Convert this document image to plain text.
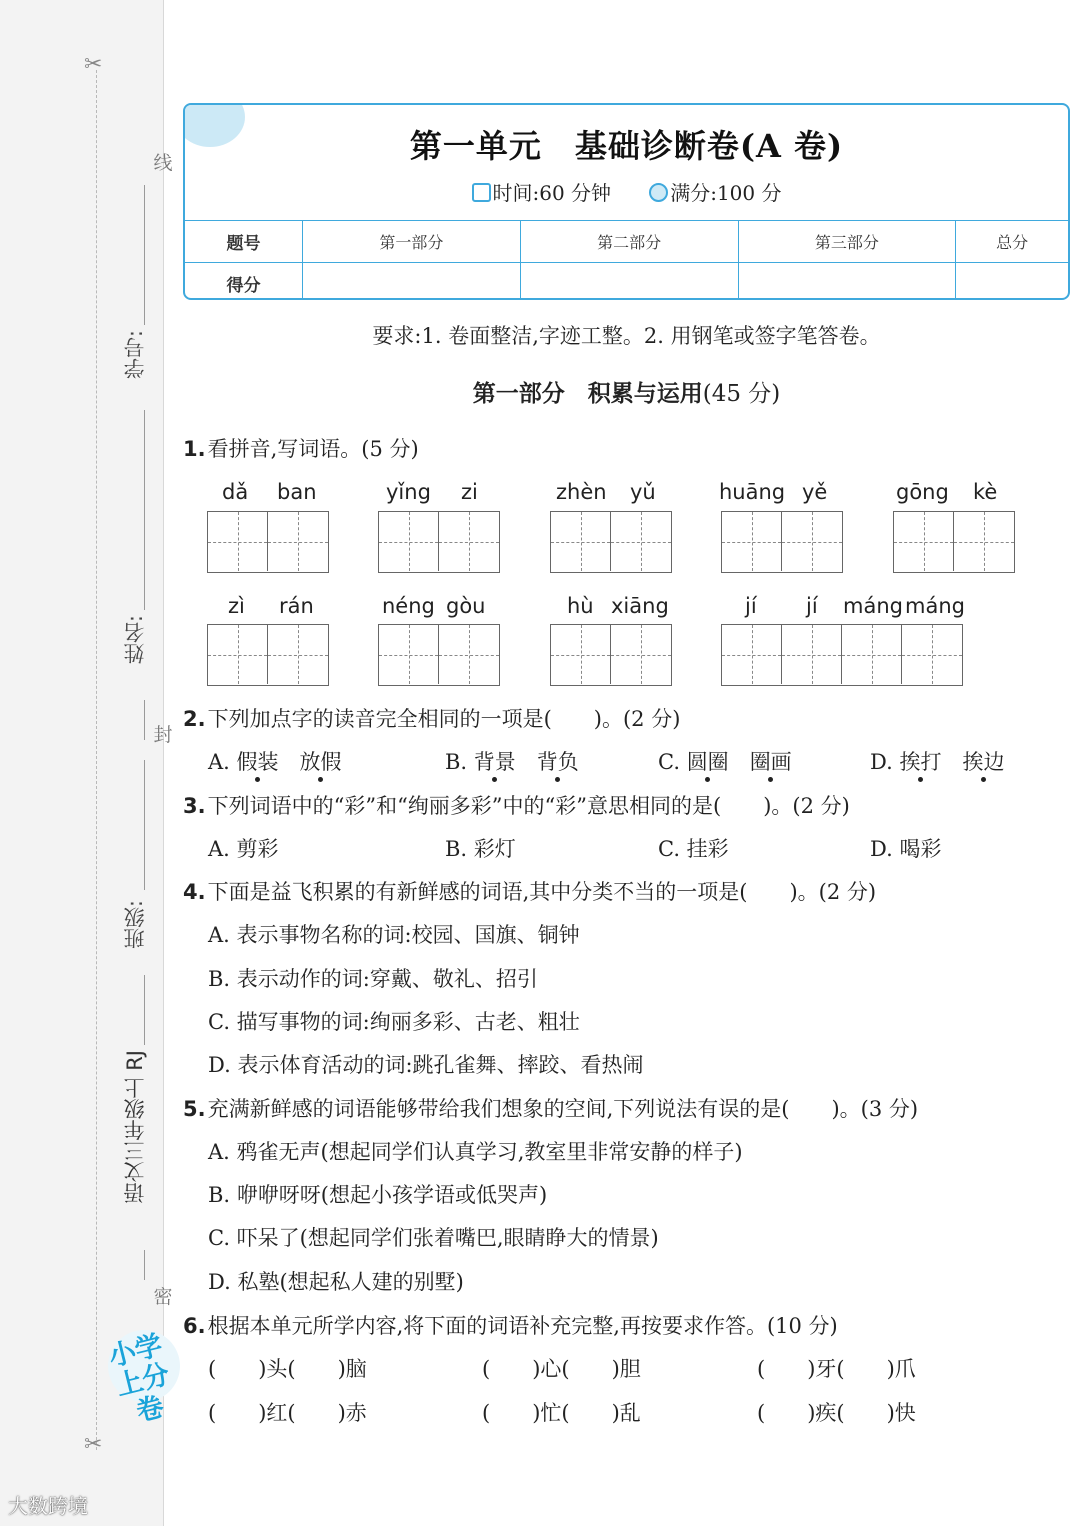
✂
✂
线
学号:
姓名:
封
班级:
语文三年级上 RJ
密
小学上分卷
大数跨境
第一单元　基础诊断卷(A 卷)
时间:60 分钟	满分:100 分
题号	第一部分	第二部分	第三部分	总分
得分				
要求:1. 卷面整洁,字迹工整。2. 用钢笔或签字笔答卷。
第一部分　积累与运用(45 分)
1.看拼音,写词语。(5 分)
dǎ ban	yǐng zi	zhèn yǔ	huāng yě	gōng kè
zì rán	néng gòu	hù xiāng	jí jí máng máng
2.下列加点字的读音完全相同的一项是(　　)。(2 分)
A. 假装　 放假	B. 背景　 背负	C. 圆圈　 圈画	D. 挨打　 挨边
3.下列词语中的“彩”和“绚丽多彩”中的“彩”意思相同的是(　　)。(2 分)
A. 剪彩	B. 彩灯	C. 挂彩	D. 喝彩
4.下面是益飞积累的有新鲜感的词语,其中分类不当的一项是(　　)。(2 分)
A. 表示事物名称的词:校园、国旗、铜钟
B. 表示动作的词:穿戴、敬礼、招引
C. 描写事物的词:绚丽多彩、古老、粗壮
D. 表示体育活动的词:跳孔雀舞、摔跤、看热闹
5.充满新鲜感的词语能够带给我们想象的空间,下列说法有误的是(　　)。(3 分)
A. 鸦雀无声(想起同学们认真学习,教室里非常安静的样子)
B. 咿咿呀呀(想起小孩学语或低哭声)
C. 吓呆了(想起同学们张着嘴巴,眼睛睁大的情景)
D. 私塾(想起私人建的别墅)
6.根据本单元所学内容,将下面的词语补充完整,再按要求作答。(10 分)
(　　)头(　　)脑	(　　)心(　　)胆	(　　)牙(　　)爪
(　　)红(　　)赤	(　　)忙(　　)乱	(　　)疾(　　)快
